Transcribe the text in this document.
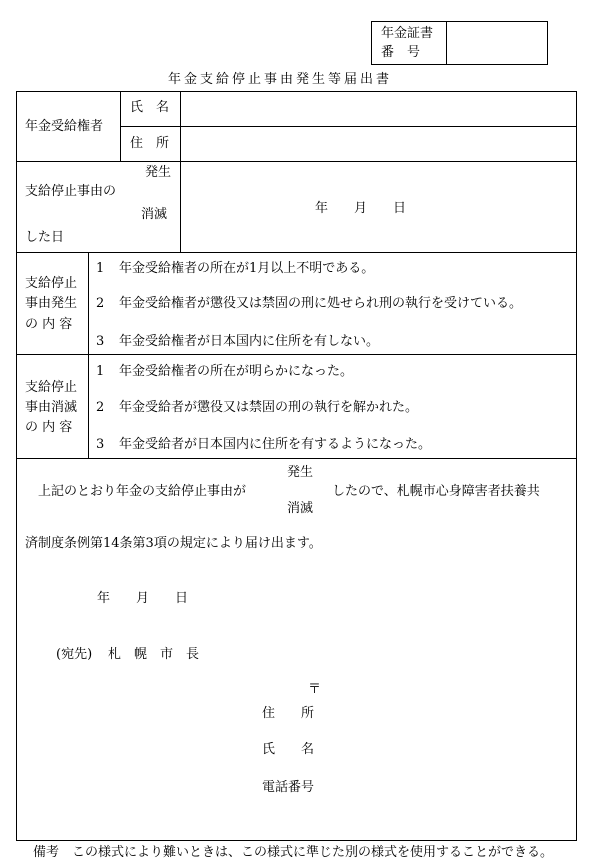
年金証書
番　号
年金支給停止事由発生等届出書
年金受給権者
氏　名
住　所
支給停止事由の
発生
消滅
した日
年　　月　　日
支給停止
事由発生
の 内 容
1 年金受給権者の所在が1月以上不明である。
2 年金受給権者が懲役又は禁固の刑に処せられ刑の執行を受けている。
3 年金受給権者が日本国内に住所を有しない。
支給停止
事由消滅
の 内 容
1 年金受給権者の所在が明らかになった。
2 年金受給者が懲役又は禁固の刑の執行を解かれた。
3 年金受給者が日本国内に住所を有するようになった。
発生
上記のとおり年金の支給停止事由が
消滅
したので、札幌市心身障害者扶養共
済制度条例第14条第3項の規定により届け出ます。
年　　月　　日
(宛先) 札　幌　市　長
〒
住　　所
氏　　名
電話番号
備考　この様式により難いときは、この様式に準じた別の様式を使用することができる。
